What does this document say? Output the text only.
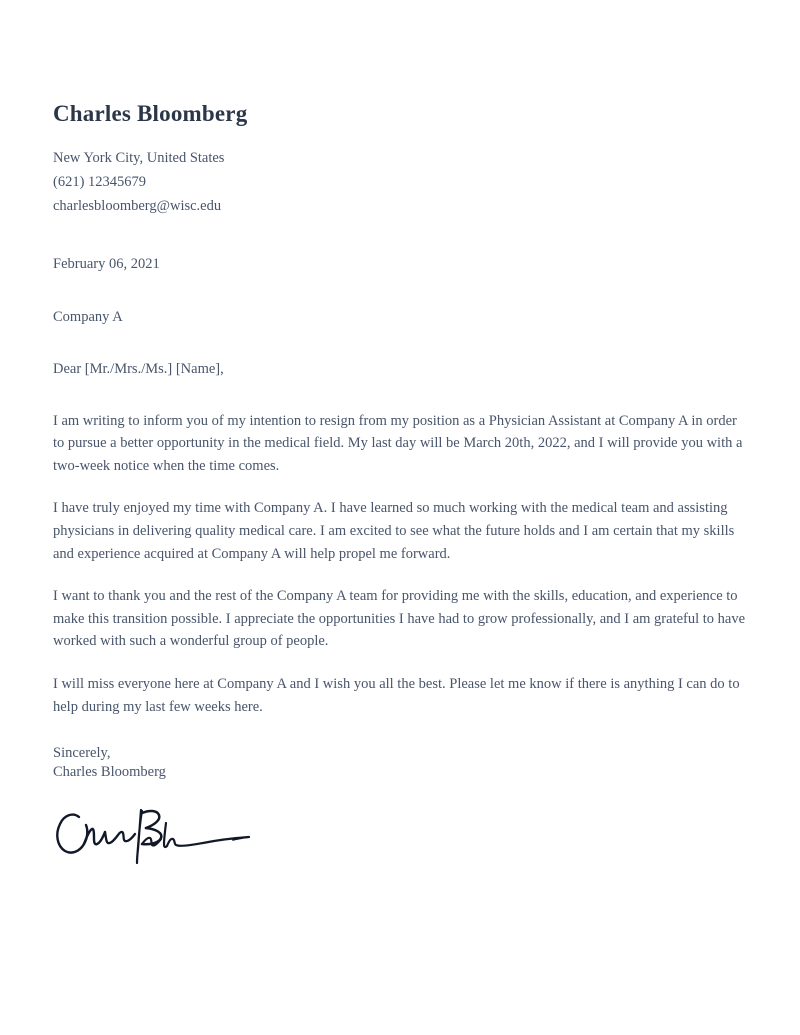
Charles Bloomberg
New York City, United States
(621) 12345679
charlesbloomberg@wisc.edu
February 06, 2021
Company A
Dear [Mr./Mrs./Ms.] [Name],

I am writing to inform you of my intention to resign from my position as a Physician Assistant at Company A in order to pursue a better opportunity in the medical field. My last day will be March 20th, 2022, and I will provide you with a two-week notice when the time comes.

I have truly enjoyed my time with Company A. I have learned so much working with the medical team and assisting physicians in delivering quality medical care. I am excited to see what the future holds and I am certain that my skills and experience acquired at Company A will help propel me forward.

I want to thank you and the rest of the Company A team for providing me with the skills, education, and experience to make this transition possible. I appreciate the opportunities I have had to grow professionally, and I am grateful to have worked with such a wonderful group of people.

I will miss everyone here at Company A and I wish you all the best. Please let me know if there is anything I can do to help during my last few weeks here.

Sincerely,
Charles Bloomberg
